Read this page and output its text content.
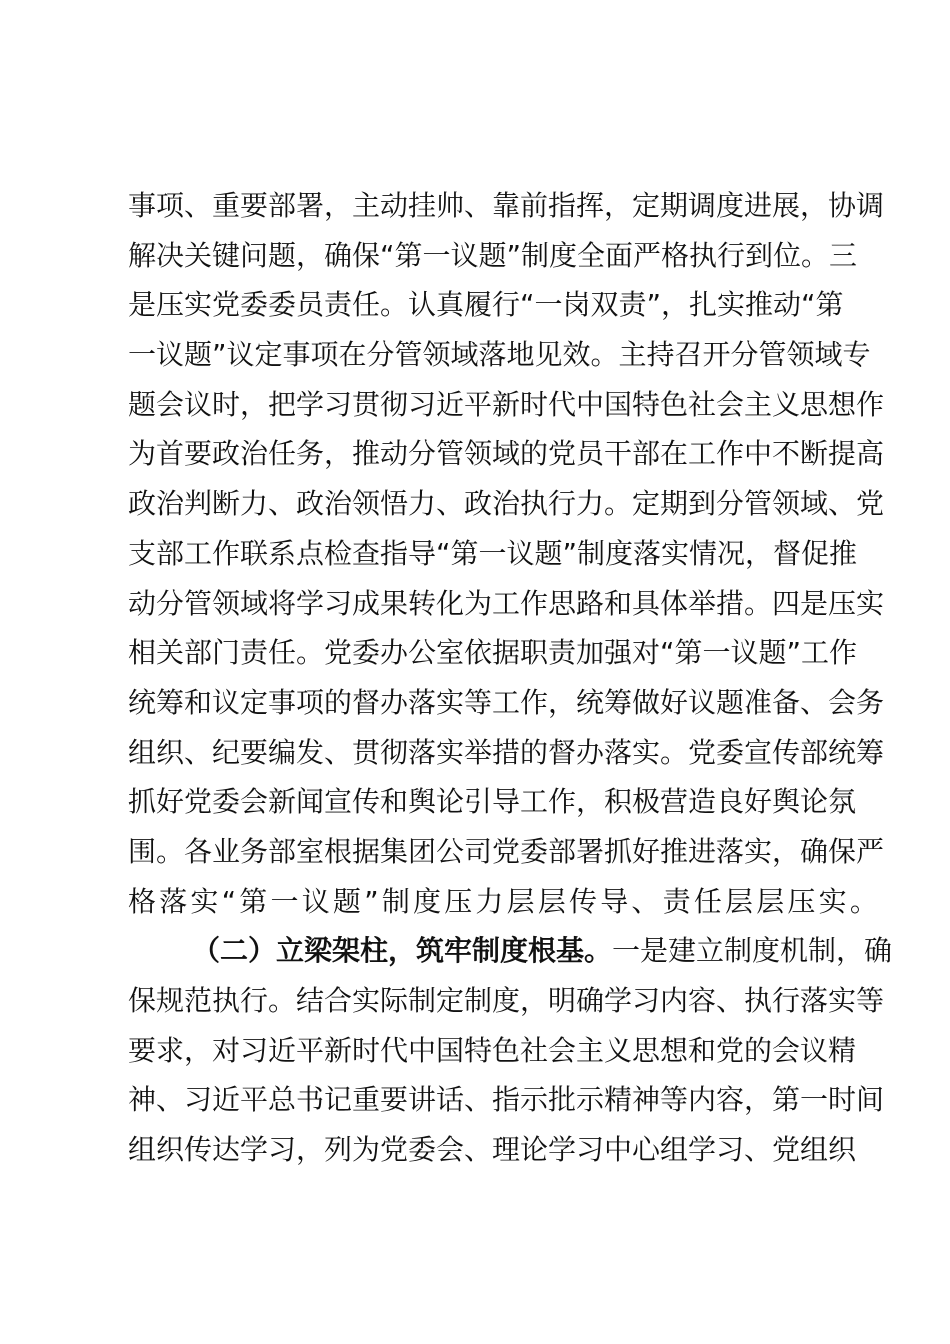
事项、重要部署，主动挂帅、靠前指挥，定期调度进展，协调
解决关键问题，确保“第一议题”制度全面严格执行到位。三
是压实党委委员责任。认真履行“一岗双责”，扎实推动“第
一议题”议定事项在分管领域落地见效。主持召开分管领域专
题会议时，把学习贯彻习近平新时代中国特色社会主义思想作
为首要政治任务，推动分管领域的党员干部在工作中不断提高
政治判断力、政治领悟力、政治执行力。定期到分管领域、党
支部工作联系点检查指导“第一议题”制度落实情况，督促推
动分管领域将学习成果转化为工作思路和具体举措。四是压实
相关部门责任。党委办公室依据职责加强对“第一议题”工作
统筹和议定事项的督办落实等工作，统筹做好议题准备、会务
组织、纪要编发、贯彻落实举措的督办落实。党委宣传部统筹
抓好党委会新闻宣传和舆论引导工作，积极营造良好舆论氛
围。各业务部室根据集团公司党委部署抓好推进落实，确保严
格落实“第一议题”制度压力层层传导、责任层层压实。
（二）立梁架柱，筑牢制度根基。一是建立制度机制，确
保规范执行。结合实际制定制度，明确学习内容、执行落实等
要求，对习近平新时代中国特色社会主义思想和党的会议精
神、习近平总书记重要讲话、指示批示精神等内容，第一时间
组织传达学习，列为党委会、理论学习中心组学习、党组织
